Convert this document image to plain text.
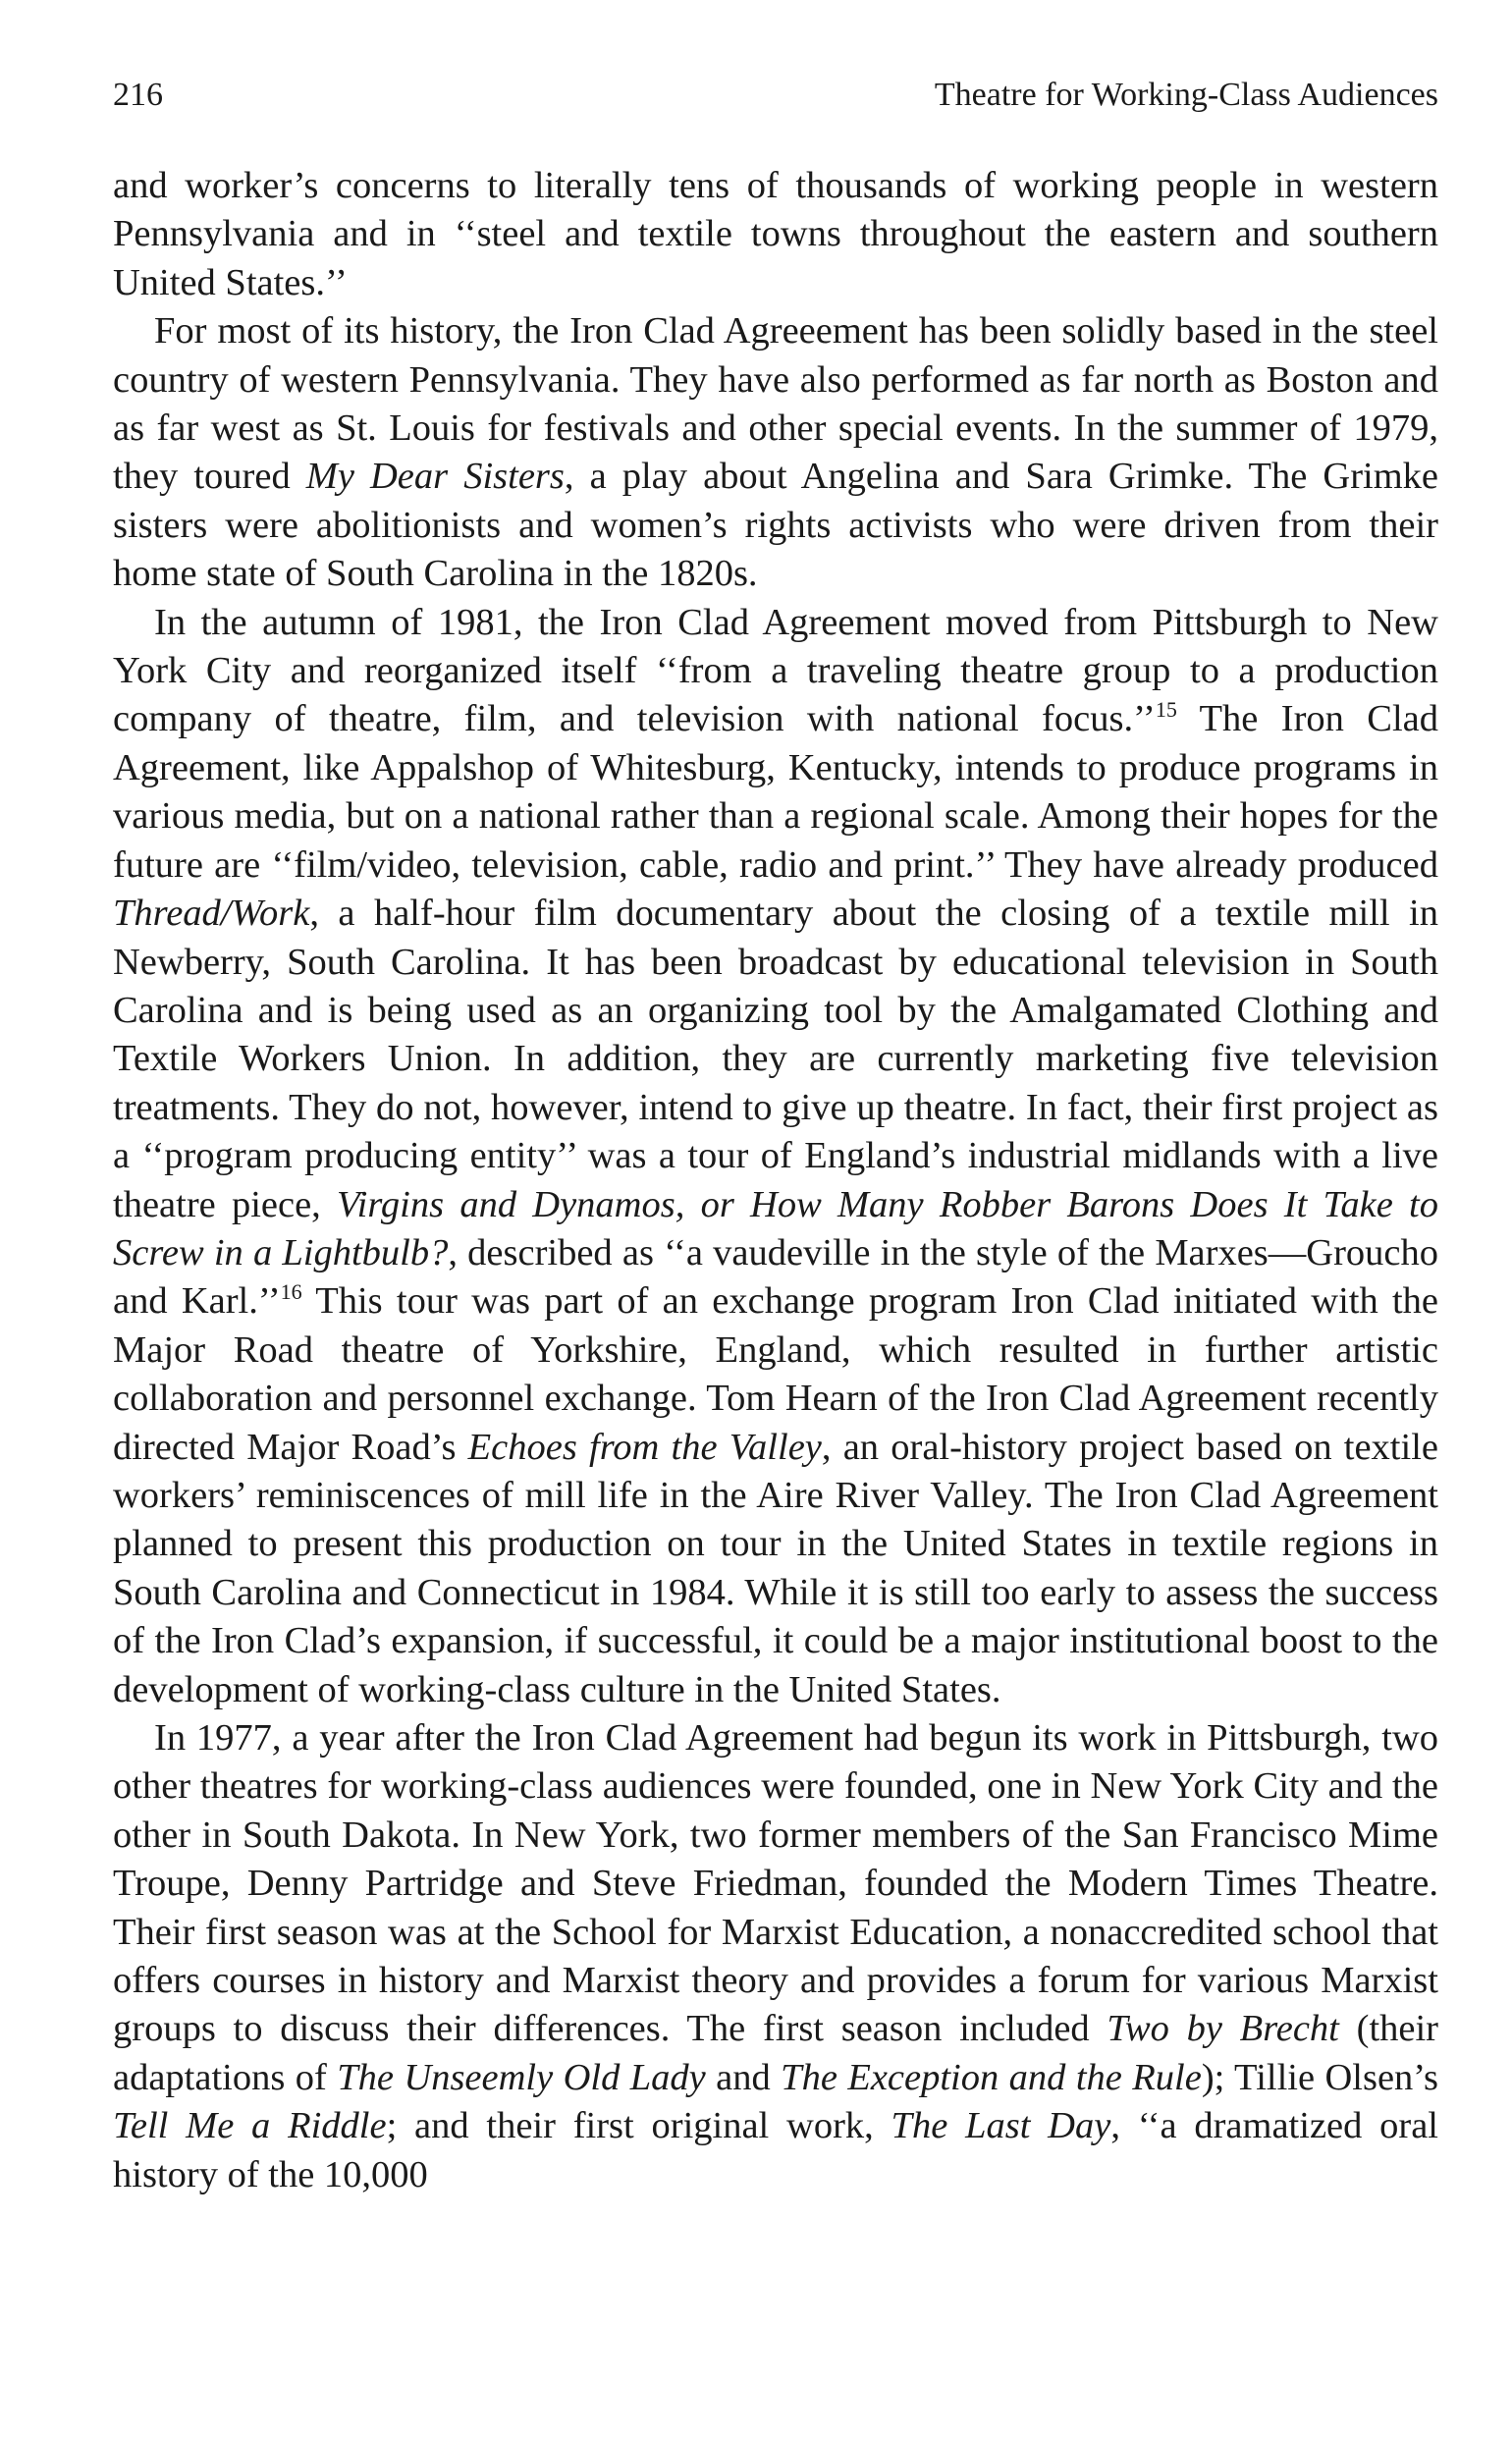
216	Theatre for Working-Class Audiences

and worker’s concerns to literally tens of thousands of working people in western Pennsylvania and in ‘‘steel and textile towns throughout the eastern and southern United States.’’

For most of its history, the Iron Clad Agreeement has been solidly based in the steel country of western Pennsylvania. They have also performed as far north as Boston and as far west as St. Louis for festivals and other special events. In the summer of 1979, they toured My Dear Sisters, a play about Angelina and Sara Grimke. The Grimke sisters were abolitionists and women’s rights activists who were driven from their home state of South Carolina in the 1820s.

In the autumn of 1981, the Iron Clad Agreement moved from Pittsburgh to New York City and reorganized itself ‘‘from a traveling theatre group to a production company of theatre, film, and television with national focus.’’$^{15}$ The Iron Clad Agreement, like Appalshop of Whitesburg, Kentucky, intends to produce programs in various media, but on a national rather than a regional scale. Among their hopes for the future are ‘‘film/video, television, cable, radio and print.’’ They have already produced Thread/Work, a half-hour film documentary about the closing of a textile mill in Newberry, South Carolina. It has been broadcast by educational television in South Carolina and is being used as an organizing tool by the Amalgamated Clothing and Textile Workers Union. In addition, they are currently marketing five television treatments. They do not, however, intend to give up theatre. In fact, their first project as a ‘‘program producing entity’’ was a tour of England’s industrial midlands with a live theatre piece, Virgins and Dynamos, or How Many Robber Barons Does It Take to Screw in a Lightbulb?, described as ‘‘a vaudeville in the style of the Marxes—Groucho and Karl.’’$^{16}$ This tour was part of an exchange program Iron Clad initiated with the Major Road theatre of Yorkshire, England, which resulted in further artistic collaboration and personnel exchange. Tom Hearn of the Iron Clad Agreement recently directed Major Road’s Echoes from the Valley, an oral-history project based on textile workers’ reminiscences of mill life in the Aire River Valley. The Iron Clad Agreement planned to present this production on tour in the United States in textile regions in South Carolina and Connecticut in 1984. While it is still too early to assess the success of the Iron Clad’s expansion, if successful, it could be a major institutional boost to the development of working-class culture in the United States.

In 1977, a year after the Iron Clad Agreement had begun its work in Pittsburgh, two other theatres for working-class audiences were founded, one in New York City and the other in South Dakota. In New York, two former members of the San Francisco Mime Troupe, Denny Partridge and Steve Friedman, founded the Modern Times Theatre. Their first season was at the School for Marxist Education, a nonaccredited school that offers courses in history and Marxist theory and provides a forum for various Marxist groups to discuss their differences. The first season included Two by Brecht (their adaptations of The Unseemly Old Lady and The Exception and the Rule); Tillie Olsen’s Tell Me a Riddle; and their first original work, The Last Day, ‘‘a dramatized oral history of the 10,000
